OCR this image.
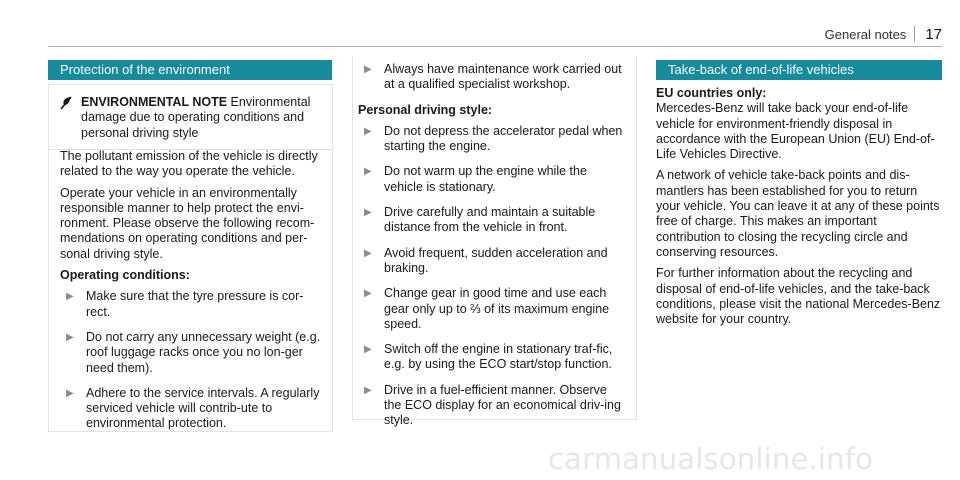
General notes 17
Protection of the environment
ENVIRONMENTAL NOTE Environmental damage due to operating conditions and personal driving style

The pollutant emission of the vehicle is directly related to the way you operate the vehicle.

Operate your vehicle in an environmentally responsible manner to help protect the envi-ronment. Please observe the following recom-mendations on operating conditions and per-sonal driving style.

Operating conditions:
▶ Make sure that the tyre pressure is cor-rect.
▶ Do not carry any unnecessary weight (e.g. roof luggage racks once you no lon-ger need them).
▶ Adhere to the service intervals. A regularly serviced vehicle will contrib-ute to environmental protection.
▶ Always have maintenance work carried out at a qualified specialist workshop.
Personal driving style:
▶ Do not depress the accelerator pedal when starting the engine.
▶ Do not warm up the engine while the vehicle is stationary.
▶ Drive carefully and maintain a suitable distance from the vehicle in front.
▶ Avoid frequent, sudden acceleration and braking.
▶ Change gear in good time and use each gear only up to ⅔ of its maximum engine speed.
▶ Switch off the engine in stationary traf-fic, e.g. by using the ECO start/stop function.
▶ Drive in a fuel-efficient manner. Observe the ECO display for an economical driv-ing style.
Take-back of end-of-life vehicles
EU countries only:

Mercedes-Benz will take back your end-of-life vehicle for environment-friendly disposal in accordance with the European Union (EU) End-of-Life Vehicles Directive.

A network of vehicle take-back points and dis-mantlers has been established for you to return your vehicle. You can leave it at any of these points free of charge. This makes an important contribution to closing the recycling circle and conserving resources.

For further information about the recycling and disposal of end-of-life vehicles, and the take-back conditions, please visit the national Mercedes-Benz website for your country.

carmanualsonline.info
